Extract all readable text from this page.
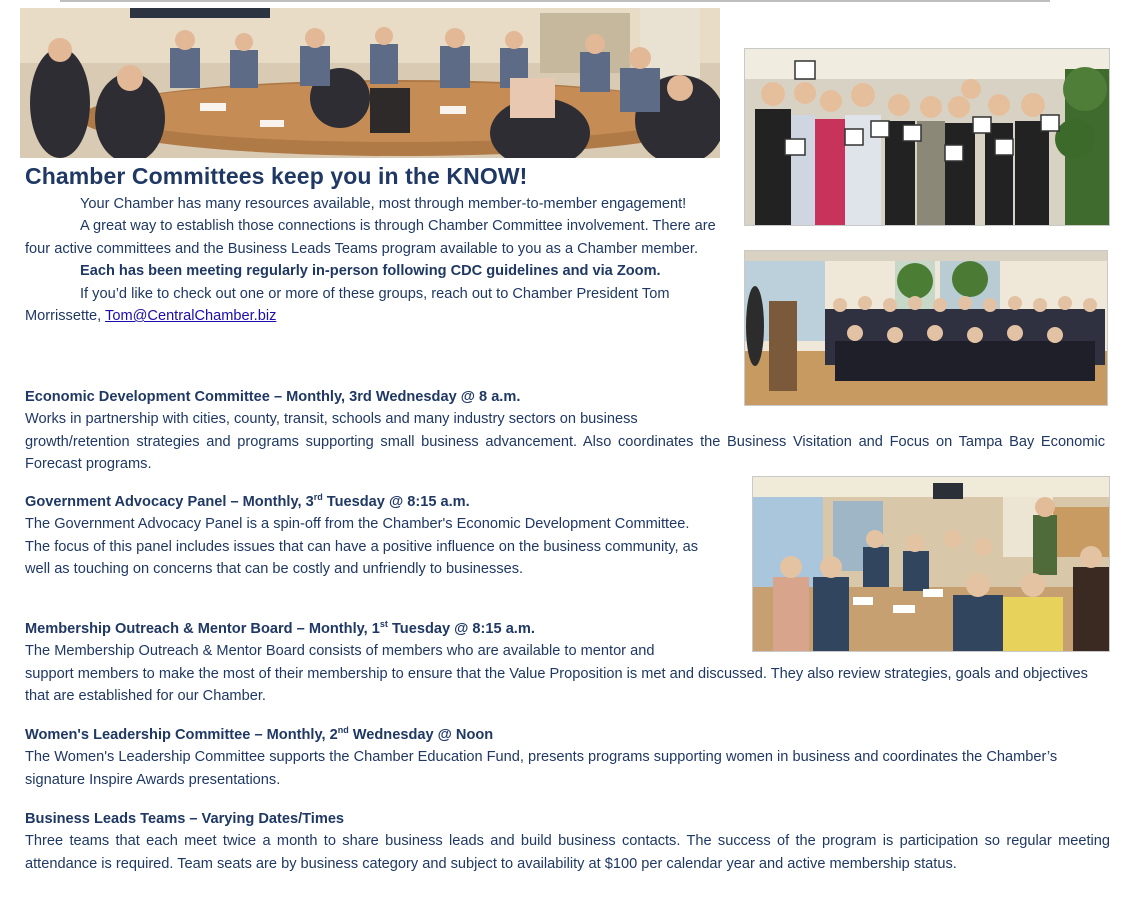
Chamber Committees keep you in the KNOW!

Your Chamber has many resources available, most through member-to-member engagement!

A great way to establish those connections is through Chamber Committee involvement. There are four active committees and the Business Leads Teams program available to you as a Chamber member.

Each has been meeting regularly in-person following CDC guidelines and via Zoom.

If you’d like to check out one or more of these groups, reach out to Chamber President Tom Morrissette, Tom@CentralChamber.biz

Economic Development Committee – Monthly, 3rd Wednesday @ 8 a.m.

Works in partnership with cities, county, transit, schools and many industry sectors on business

growth/retention strategies and programs supporting small business advancement. Also coordinates the Business Visitation and Focus on Tampa Bay Economic Forecast programs.

Government Advocacy Panel – Monthly, 3rd Tuesday @ 8:15 a.m.

The Government Advocacy Panel is a spin-off from the Chamber's Economic Development Committee. The focus of this panel includes issues that can have a positive influence on the business community, as well as touching on concerns that can be costly and unfriendly to businesses.

Membership Outreach & Mentor Board – Monthly, 1st Tuesday @ 8:15 a.m.

The Membership Outreach & Mentor Board consists of members who are available to mentor and

support members to make the most of their membership to ensure that the Value Proposition is met and discussed. They also review strategies, goals and objectives that are established for our Chamber.

Women's Leadership Committee – Monthly, 2nd Wednesday @ Noon

The Women's Leadership Committee supports the Chamber Education Fund, presents programs supporting women in business and coordinates the Chamber’s signature Inspire Awards presentations.

Business Leads Teams – Varying Dates/Times

Three teams that each meet twice a month to share business leads and build business contacts. The success of the program is participation so regular meeting attendance is required. Team seats are by business category and subject to availability at $100 per calendar year and active membership status.
